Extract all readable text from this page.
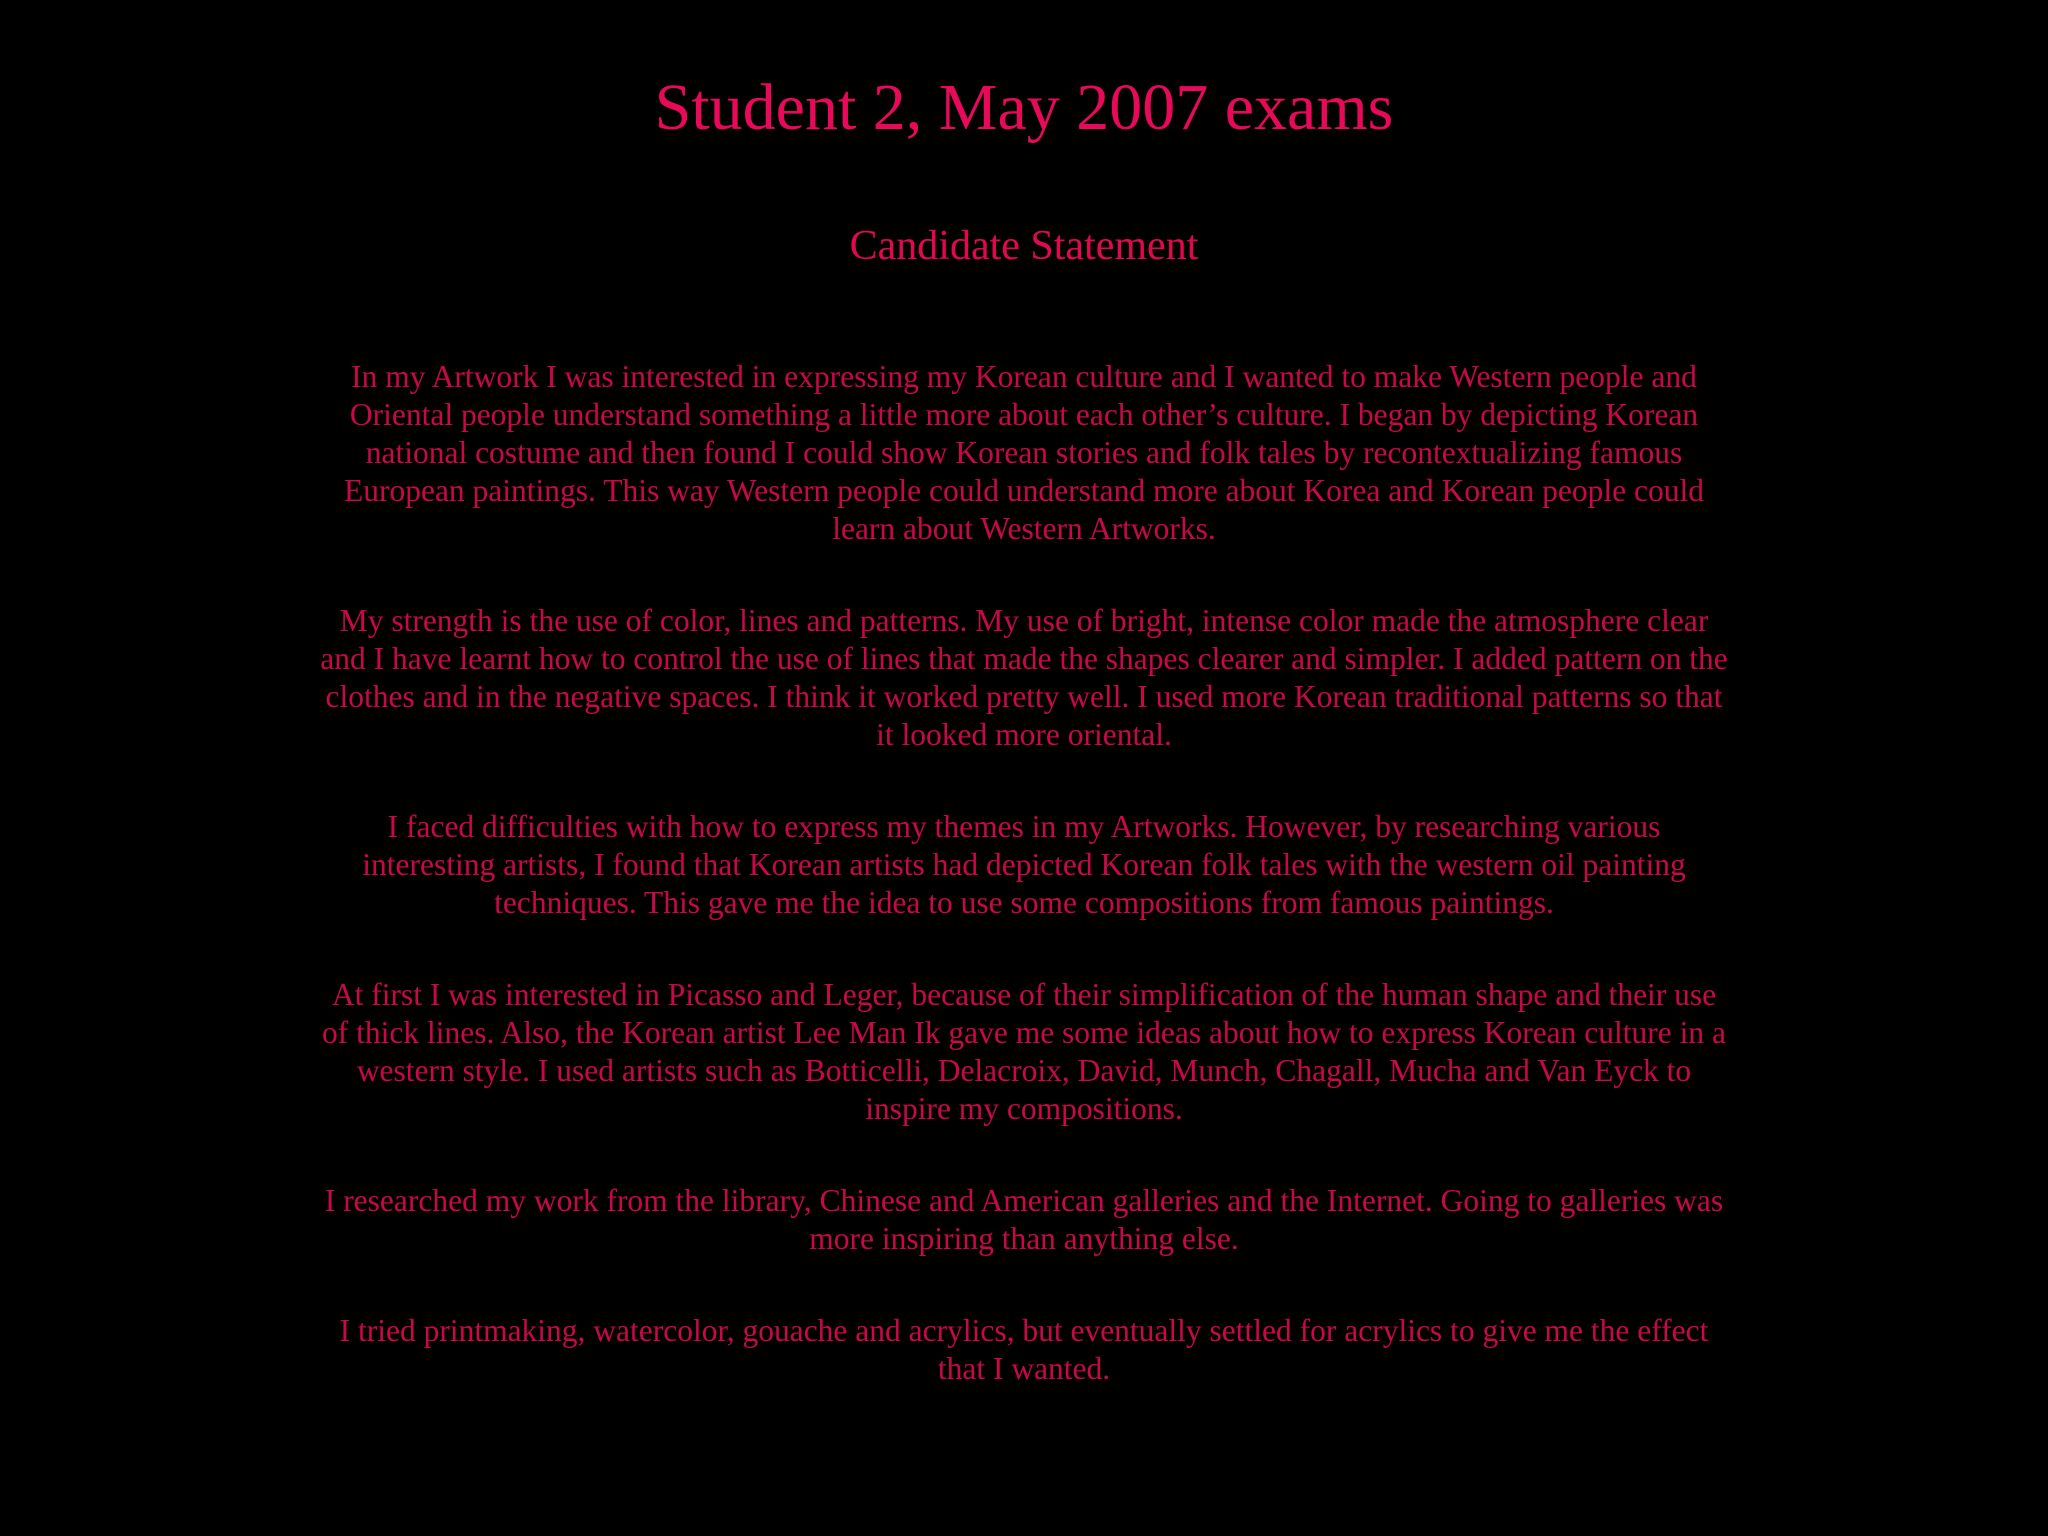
Student 2, May 2007 exams
Candidate Statement

In my Artwork I was interested in expressing my Korean culture and I wanted to make Western people and Oriental people understand something a little more about each other’s culture. I began by depicting Korean national costume and then found I could show Korean stories and folk tales by recontextualizing famous European paintings. This way Western people could understand more about Korea and Korean people could learn about Western Artworks.

My strength is the use of color, lines and patterns. My use of bright, intense color made the atmosphere clear and I have learnt how to control the use of lines that made the shapes clearer and simpler. I added pattern on the clothes and in the negative spaces. I think it worked pretty well. I used more Korean traditional patterns so that it looked more oriental.

I faced difficulties with how to express my themes in my Artworks. However, by researching various interesting artists, I found that Korean artists had depicted Korean folk tales with the western oil painting techniques. This gave me the idea to use some compositions from famous paintings.

At first I was interested in Picasso and Leger, because of their simplification of the human shape and their use of thick lines. Also, the Korean artist Lee Man Ik gave me some ideas about how to express Korean culture in a western style. I used artists such as Botticelli, Delacroix, David, Munch, Chagall, Mucha and Van Eyck to inspire my compositions.

I researched my work from the library, Chinese and American galleries and the Internet. Going to galleries was more inspiring than anything else.

I tried printmaking, watercolor, gouache and acrylics, but eventually settled for acrylics to give me the effect that I wanted.
